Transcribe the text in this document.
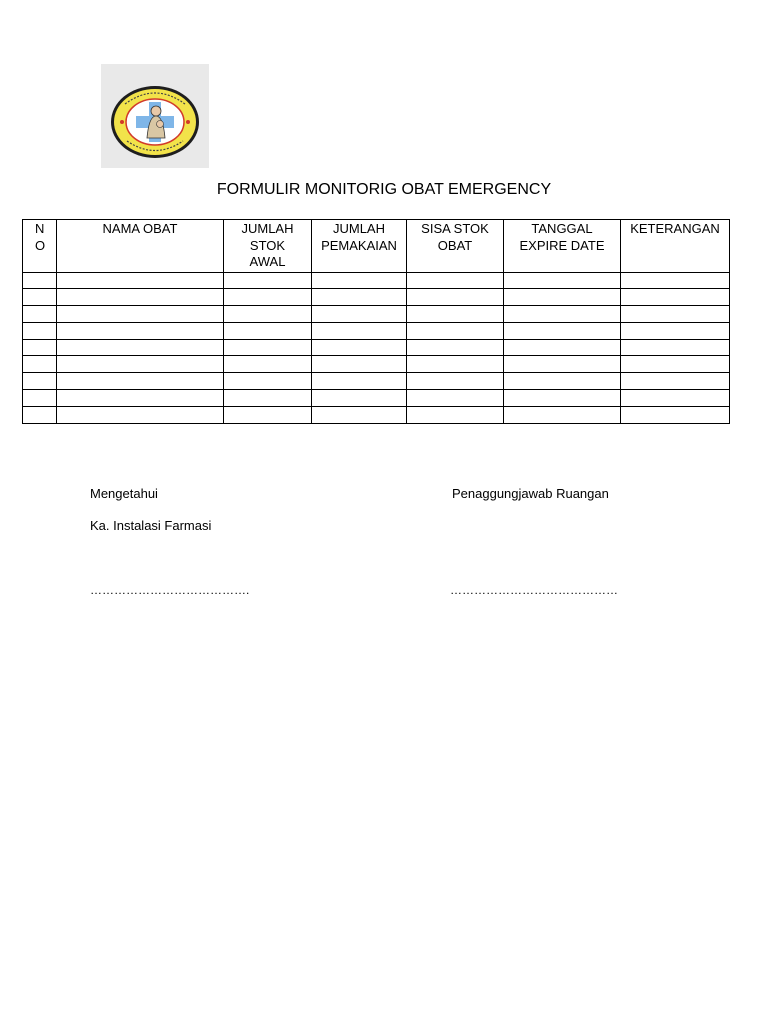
FORMULIR MONITORIG OBAT EMERGENCY
N O	NAMA OBAT	JUMLAH STOK AWAL	JUMLAH PEMAKAIAN	SISA STOK OBAT	TANGGAL EXPIRE DATE	KETERANGAN

Mengetahui
Ka. Instalasi Farmasi
………………………………….
Penaggungjawab Ruangan
……………………………………
